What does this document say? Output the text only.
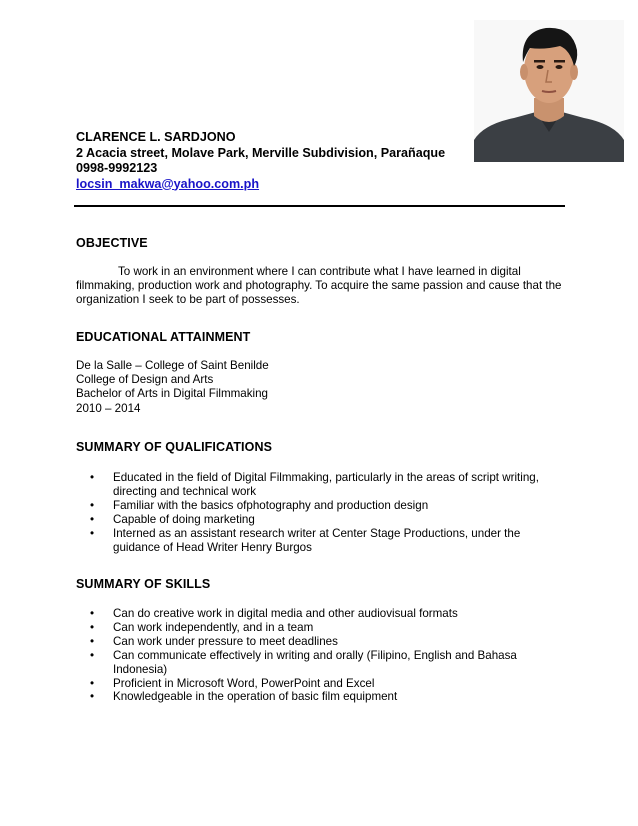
CLARENCE L. SARDJONO
2 Acacia street, Molave Park, Merville Subdivision, Parañaque
0998-9992123
locsin_makwa@yahoo.com.ph
OBJECTIVE

To work in an environment where I can contribute what I have learned in digital filmmaking, production work and photography. To acquire the same passion and cause that the organization I seek to be part of possesses.

EDUCATIONAL ATTAINMENT
De la Salle – College of Saint Benilde
College of Design and Arts
Bachelor of Arts in Digital Filmmaking
2010 – 2014
SUMMARY OF QUALIFICATIONS
• Educated in the field of Digital Filmmaking, particularly in the areas of script writing, directing and technical work
• Familiar with the basics ofphotography and production design
• Capable of doing marketing
• Interned as an assistant research writer at Center Stage Productions, under the guidance of Head Writer Henry Burgos
SUMMARY OF SKILLS
• Can do creative work in digital media and other audiovisual formats
• Can work independently, and in a team
• Can work under pressure to meet deadlines
• Can communicate effectively in writing and orally (Filipino, English and Bahasa Indonesia)
• Proficient in Microsoft Word, PowerPoint and Excel
• Knowledgeable in the operation of basic film equipment
